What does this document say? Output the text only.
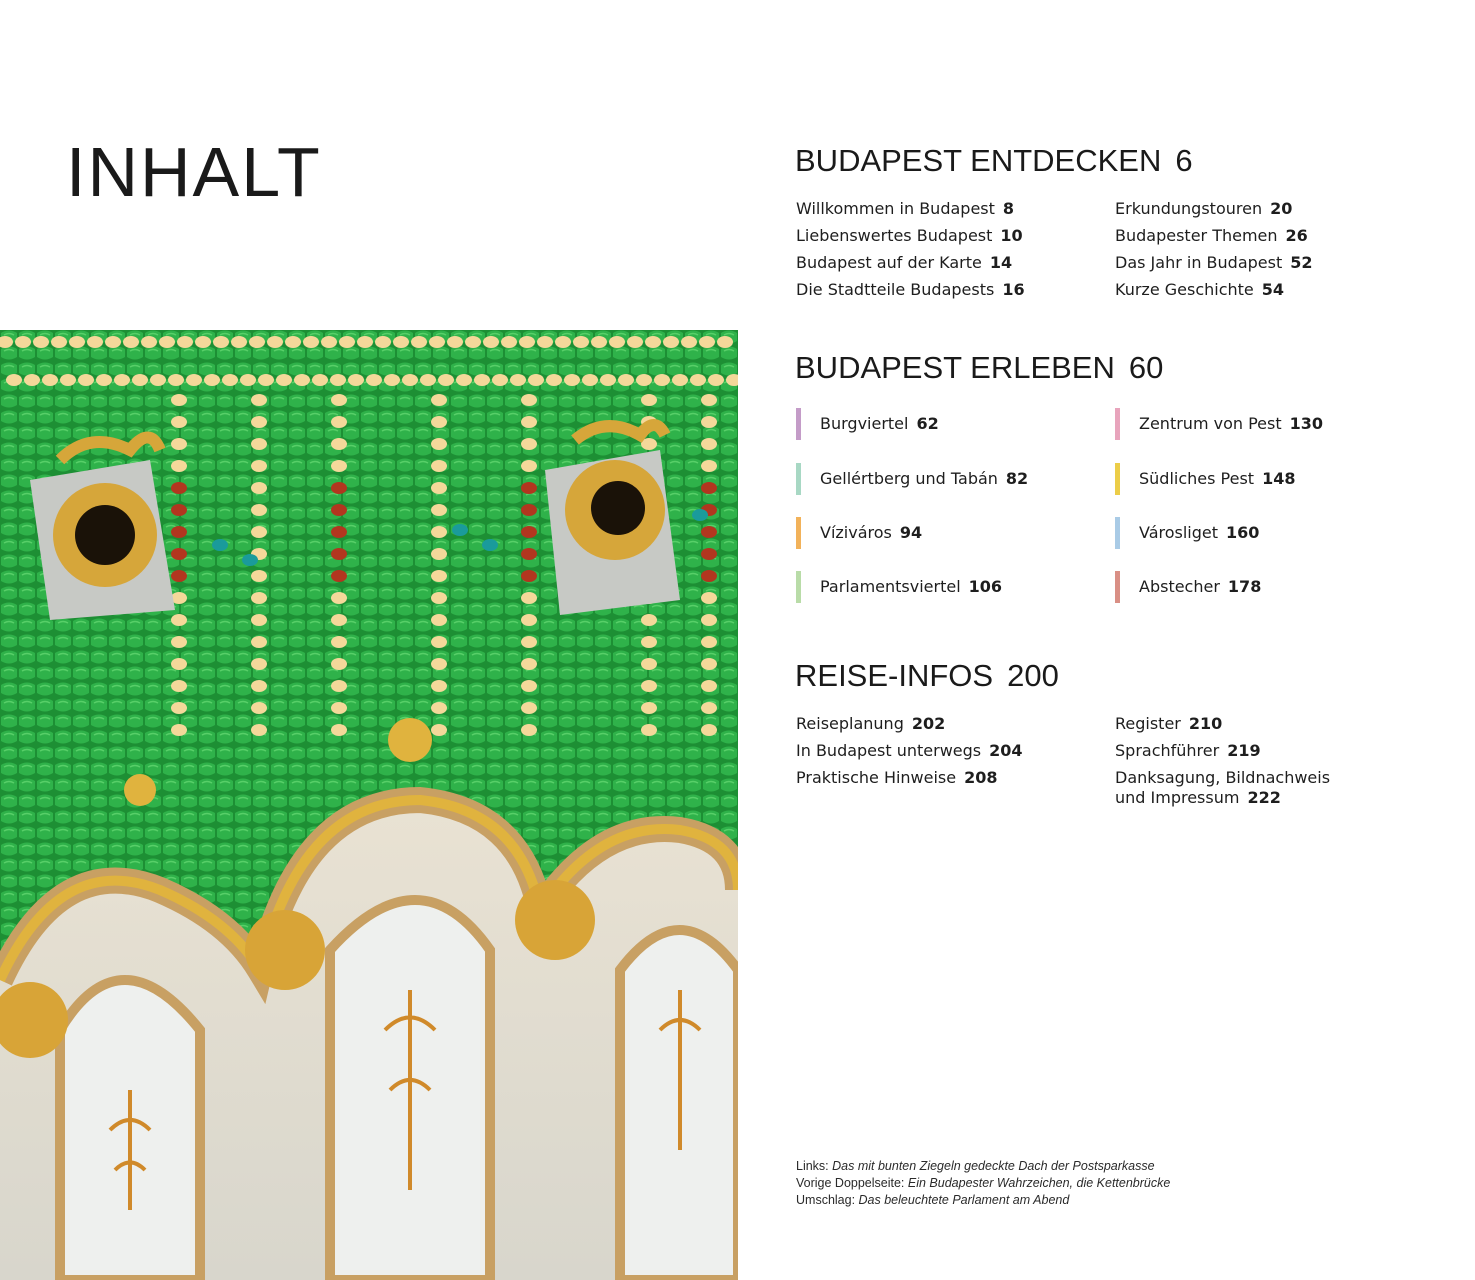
INHALT	BUDAPEST ENTDECKEN 6
Willkommen in Budapest 8
Liebenswertes Budapest 10
Budapest auf der Karte 14
Die Stadtteile Budapests 16
Erkundungstouren 20
Budapester Themen 26
Das Jahr in Budapest 52
Kurze Geschichte 54
BUDAPEST ERLEBEN 60
Burgviertel 62
Gellértberg und Tabán 82
Víziváros 94
Parlamentsviertel 106
Zentrum von Pest 130
Südliches Pest 148
Városliget 160
Abstecher 178
REISE-INFOS 200
Reiseplanung 202
In Budapest unterwegs 204
Praktische Hinweise 208
Register 210
Sprachführer 219
Danksagung, Bildnachweis und Impressum 222
Links: Das mit bunten Ziegeln gedeckte Dach der Postsparkasse
Vorige Doppelseite: Ein Budapester Wahrzeichen, die Kettenbrücke
Umschlag: Das beleuchtete Parlament am Abend
